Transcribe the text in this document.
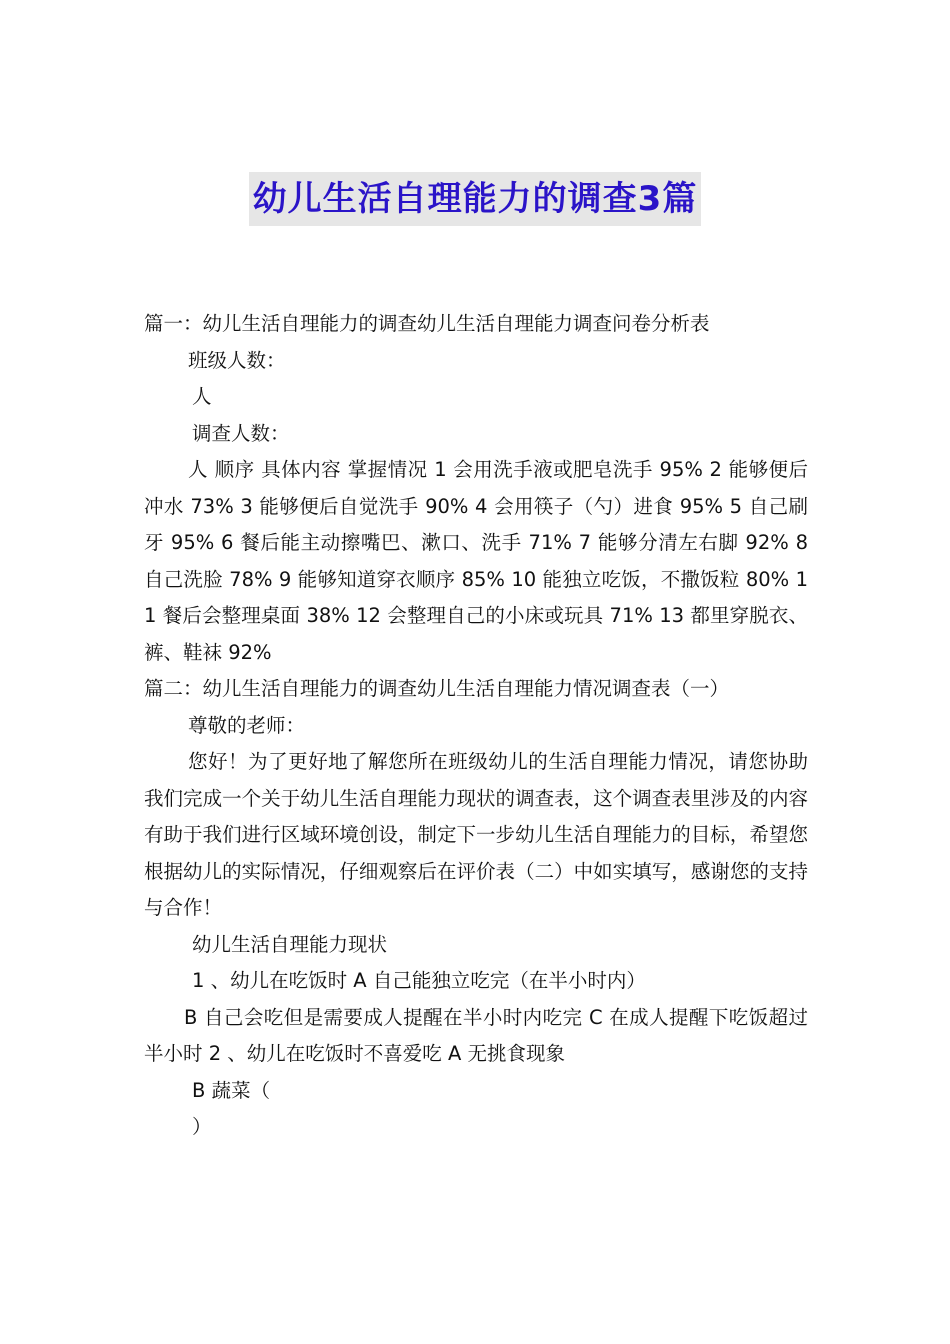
幼儿生活自理能力的调查3篇

篇一：幼儿生活自理能力的调查幼儿生活自理能力调查问卷分析表

班级人数：

人

调查人数：

人 顺序 具体内容 掌握情况 1 会用洗手液或肥皂洗手 95% 2 能够便后冲水 73% 3 能够便后自觉洗手 90% 4 会用筷子（勺）进食 95% 5 自己刷牙 95% 6 餐后能主动擦嘴巴、漱口、洗手 71% 7 能够分清左右脚 92% 8 自己洗脸 78% 9 能够知道穿衣顺序 85% 10 能独立吃饭，不撒饭粒 80% 11 餐后会整理桌面 38% 12 会整理自己的小床或玩具 71% 13 都里穿脱衣、裤、鞋袜 92%

篇二：幼儿生活自理能力的调查幼儿生活自理能力情况调查表（一）

尊敬的老师：

您好！为了更好地了解您所在班级幼儿的生活自理能力情况，请您协助我们完成一个关于幼儿生活自理能力现状的调查表，这个调查表里涉及的内容有助于我们进行区域环境创设，制定下一步幼儿生活自理能力的目标，希望您根据幼儿的实际情况，仔细观察后在评价表（二）中如实填写，感谢您的支持与合作！

幼儿生活自理能力现状

1 、幼儿在吃饭时 A 自己能独立吃完（在半小时内）

B 自己会吃但是需要成人提醒在半小时内吃完 C 在成人提醒下吃饭超过半小时 2 、幼儿在吃饭时不喜爱吃 A 无挑食现象

B 蔬菜（

）
